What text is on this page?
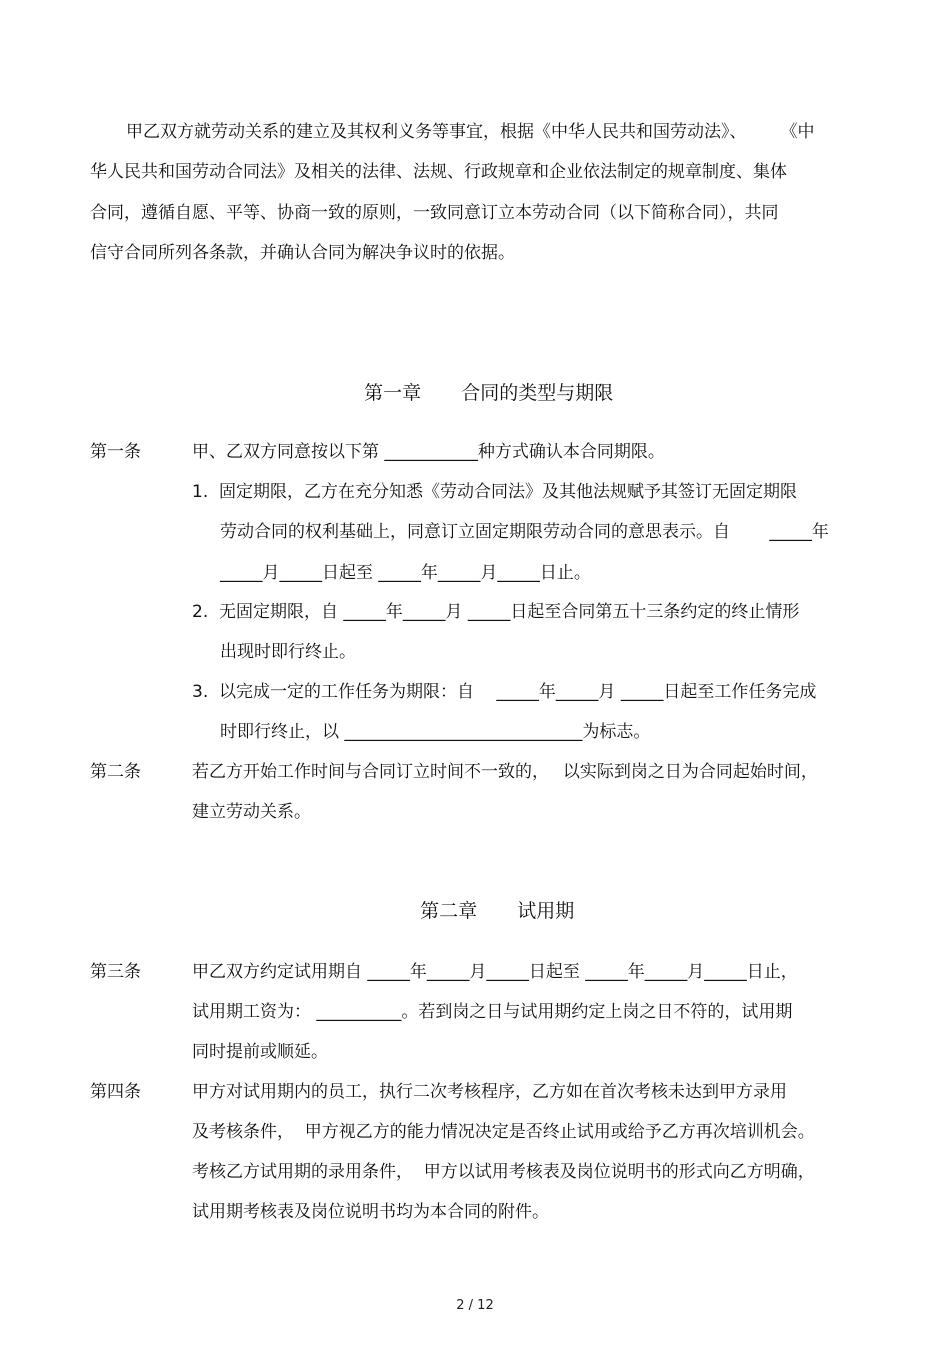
甲乙双方就劳动关系的建立及其权利义务等事宜，根据《中华人民共和国劳动法》、　　　《中
华人民共和国劳动合同法》及相关的法律、法规、行政规章和企业依法制定的规章制度、集体
合同，遵循自愿、平等、协商一致的原则，一致同意订立本劳动合同（以下简称合同），共同
信守合同所列各条款，并确认合同为解决争议时的依据。

第一章 合同的类型与期限

第一条	甲、乙双方同意按以下第 ___________种方式确认本合同期限。
1.  固定期限，乙方在充分知悉《劳动合同法》及其他法规赋予其签订无固定期限
劳动合同的权利基础上，同意订立固定期限劳动合同的意思表示。自 　　_____年
_____月_____日起至 _____年_____月_____日止。
2.  无固定期限，自 _____年_____月 _____日起至合同第五十三条约定的终止情形
出现时即行终止。
3.  以完成一定的工作任务为期限：自 　_____年_____月 _____日起至工作任务完成
时即行终止，以 ____________________________为标志。
第二条	若乙方开始工作时间与合同订立时间不一致的，　 以实际到岗之日为合同起始时间，
建立劳动关系。

第二章 试用期

第三条	甲乙双方约定试用期自 _____年_____月_____日起至 _____年_____月_____日止，
试用期工资为： __________。若到岗之日与试用期约定上岗之日不符的，试用期
同时提前或顺延。
第四条	甲方对试用期内的员工，执行二次考核程序，乙方如在首次考核未达到甲方录用
及考核条件，  甲方视乙方的能力情况决定是否终止试用或给予乙方再次培训机会。
考核乙方试用期的录用条件，  甲方以试用考核表及岗位说明书的形式向乙方明确，
试用期考核表及岗位说明书均为本合同的附件。
2 / 12
